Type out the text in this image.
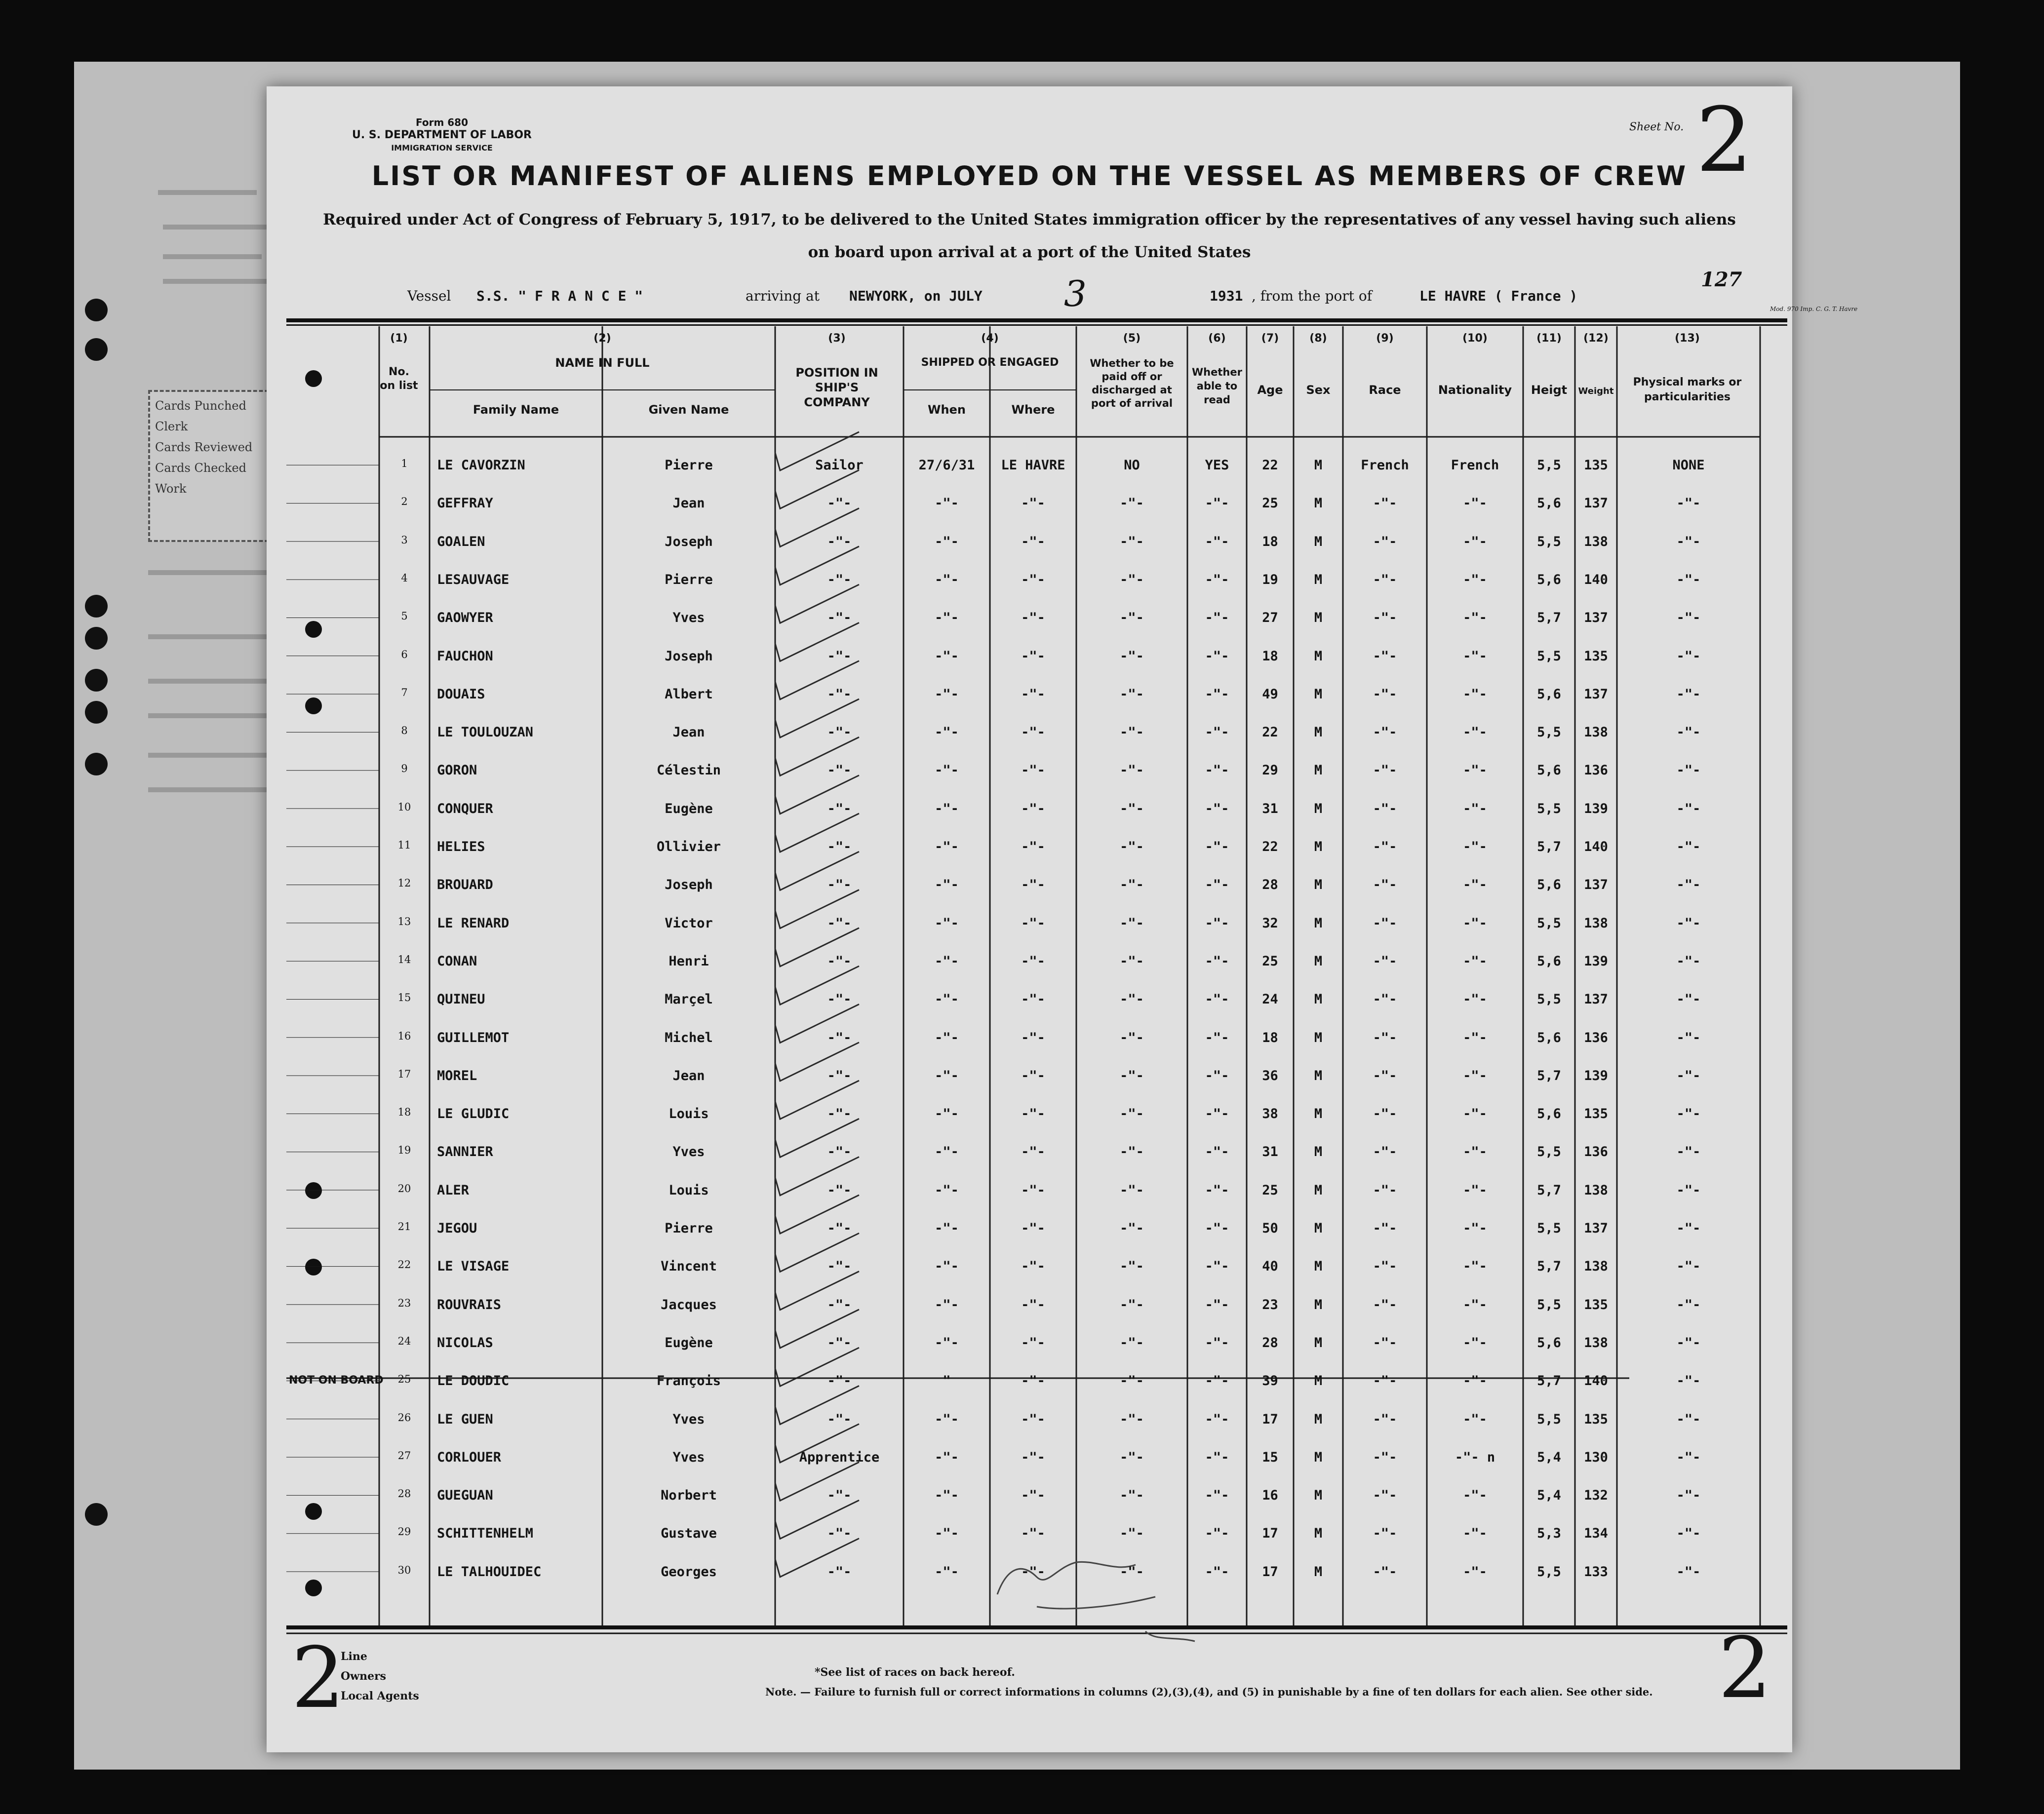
Cards Punched
Clerk
Cards Reviewed
Cards Checked
Work
Form 680
U. S. DEPARTMENT OF LABOR
IMMIGRATION SERVICE
Sheet No. 2
LIST OR MANIFEST OF ALIENS EMPLOYED ON THE VESSEL AS MEMBERS OF CREW
Required under Act of Congress of February 5, 1917, to be delivered to the United States immigration officer by the representatives of any vessel having such aliens
on board upon arrival at a port of the United States
Vessel S.S. " F R A N C E "	arriving at NEWYORK, on JULY 3	1931 , from the port of	LE HAVRE ( France )
127
Mod. 970 Imp. C. G. T. Havre
(1)
No. on list
(2)
NAME IN FULL
Family Name	Given Name
(3)
POSITION IN SHIP'S COMPANY
(4)
SHIPPED OR ENGAGED
When	Where
(5)
Whether to be paid off or discharged at port of arrival
(6)
Whether able to read
(7)
Age
(8)
Sex
(9)
Race
(10)
Nationality
(11)
Heigt
(12)
Weight
(13)
Physical marks or particularities
1	LE CAVORZIN	Pierre	Sailor	27/6/31	LE HAVRE	NO	YES	22	M	French	French	5,5	135	NONE
2	GEFFRAY	Jean	-"-	-"-	-"-	-"-	-"-	25	M	-"-	-"-	5,6	137	-"-
3	GOALEN	Joseph	-"-	-"-	-"-	-"-	-"-	18	M	-"-	-"-	5,5	138	-"-
4	LESAUVAGE	Pierre	-"-	-"-	-"-	-"-	-"-	19	M	-"-	-"-	5,6	140	-"-
5	GAOWYER	Yves	-"-	-"-	-"-	-"-	-"-	27	M	-"-	-"-	5,7	137	-"-
6	FAUCHON	Joseph	-"-	-"-	-"-	-"-	-"-	18	M	-"-	-"-	5,5	135	-"-
7	DOUAIS	Albert	-"-	-"-	-"-	-"-	-"-	49	M	-"-	-"-	5,6	137	-"-
8	LE TOULOUZAN	Jean	-"-	-"-	-"-	-"-	-"-	22	M	-"-	-"-	5,5	138	-"-
9	GORON	Célestin	-"-	-"-	-"-	-"-	-"-	29	M	-"-	-"-	5,6	136	-"-
10	CONQUER	Eugène	-"-	-"-	-"-	-"-	-"-	31	M	-"-	-"-	5,5	139	-"-
11	HELIES	Ollivier	-"-	-"-	-"-	-"-	-"-	22	M	-"-	-"-	5,7	140	-"-
12	BROUARD	Joseph	-"-	-"-	-"-	-"-	-"-	28	M	-"-	-"-	5,6	137	-"-
13	LE RENARD	Victor	-"-	-"-	-"-	-"-	-"-	32	M	-"-	-"-	5,5	138	-"-
14	CONAN	Henri	-"-	-"-	-"-	-"-	-"-	25	M	-"-	-"-	5,6	139	-"-
15	QUINEU	Marçel	-"-	-"-	-"-	-"-	-"-	24	M	-"-	-"-	5,5	137	-"-
16	GUILLEMOT	Michel	-"-	-"-	-"-	-"-	-"-	18	M	-"-	-"-	5,6	136	-"-
17	MOREL	Jean	-"-	-"-	-"-	-"-	-"-	36	M	-"-	-"-	5,7	139	-"-
18	LE GLUDIC	Louis	-"-	-"-	-"-	-"-	-"-	38	M	-"-	-"-	5,6	135	-"-
19	SANNIER	Yves	-"-	-"-	-"-	-"-	-"-	31	M	-"-	-"-	5,5	136	-"-
20	ALER	Louis	-"-	-"-	-"-	-"-	-"-	25	M	-"-	-"-	5,7	138	-"-
21	JEGOU	Pierre	-"-	-"-	-"-	-"-	-"-	50	M	-"-	-"-	5,5	137	-"-
22	LE VISAGE	Vincent	-"-	-"-	-"-	-"-	-"-	40	M	-"-	-"-	5,7	138	-"-
23	ROUVRAIS	Jacques	-"-	-"-	-"-	-"-	-"-	23	M	-"-	-"-	5,5	135	-"-
24	NICOLAS	Eugène	-"-	-"-	-"-	-"-	-"-	28	M	-"-	-"-	5,6	138	-"-
25	LE DOUDIC	François	-"-	"	-"-	-"-	-"-	39	M	-"-	-"-	5,7	140	-"-
NOT ON BOARD
26	LE GUEN	Yves	-"-	-"-	-"-	-"-	-"-	17	M	-"-	-"-	5,5	135	-"-
27	CORLOUER	Yves	Apprentice	-"-	-"-	-"-	-"-	15	M	-"-	-"- n	5,4	130	-"-
28	GUEGUAN	Norbert	-"-	-"-	-"-	-"-	-"-	16	M	-"-	-"-	5,4	132	-"-
29	SCHITTENHELM	Gustave	-"-	-"-	-"-	-"-	-"-	17	M	-"-	-"-	5,3	134	-"-
30	LE TALHOUIDEC	Georges	-"-	-"-	-"-	-"-	-"-	17	M	-"-	-"-	5,5	133	-"-
2	2
Line
Owners
Local Agents
*See list of races on back hereof.
Note. — Failure to furnish full or correct informations in columns (2),(3),(4), and (5) in punishable by a fine of ten dollars for each alien. See other side.
